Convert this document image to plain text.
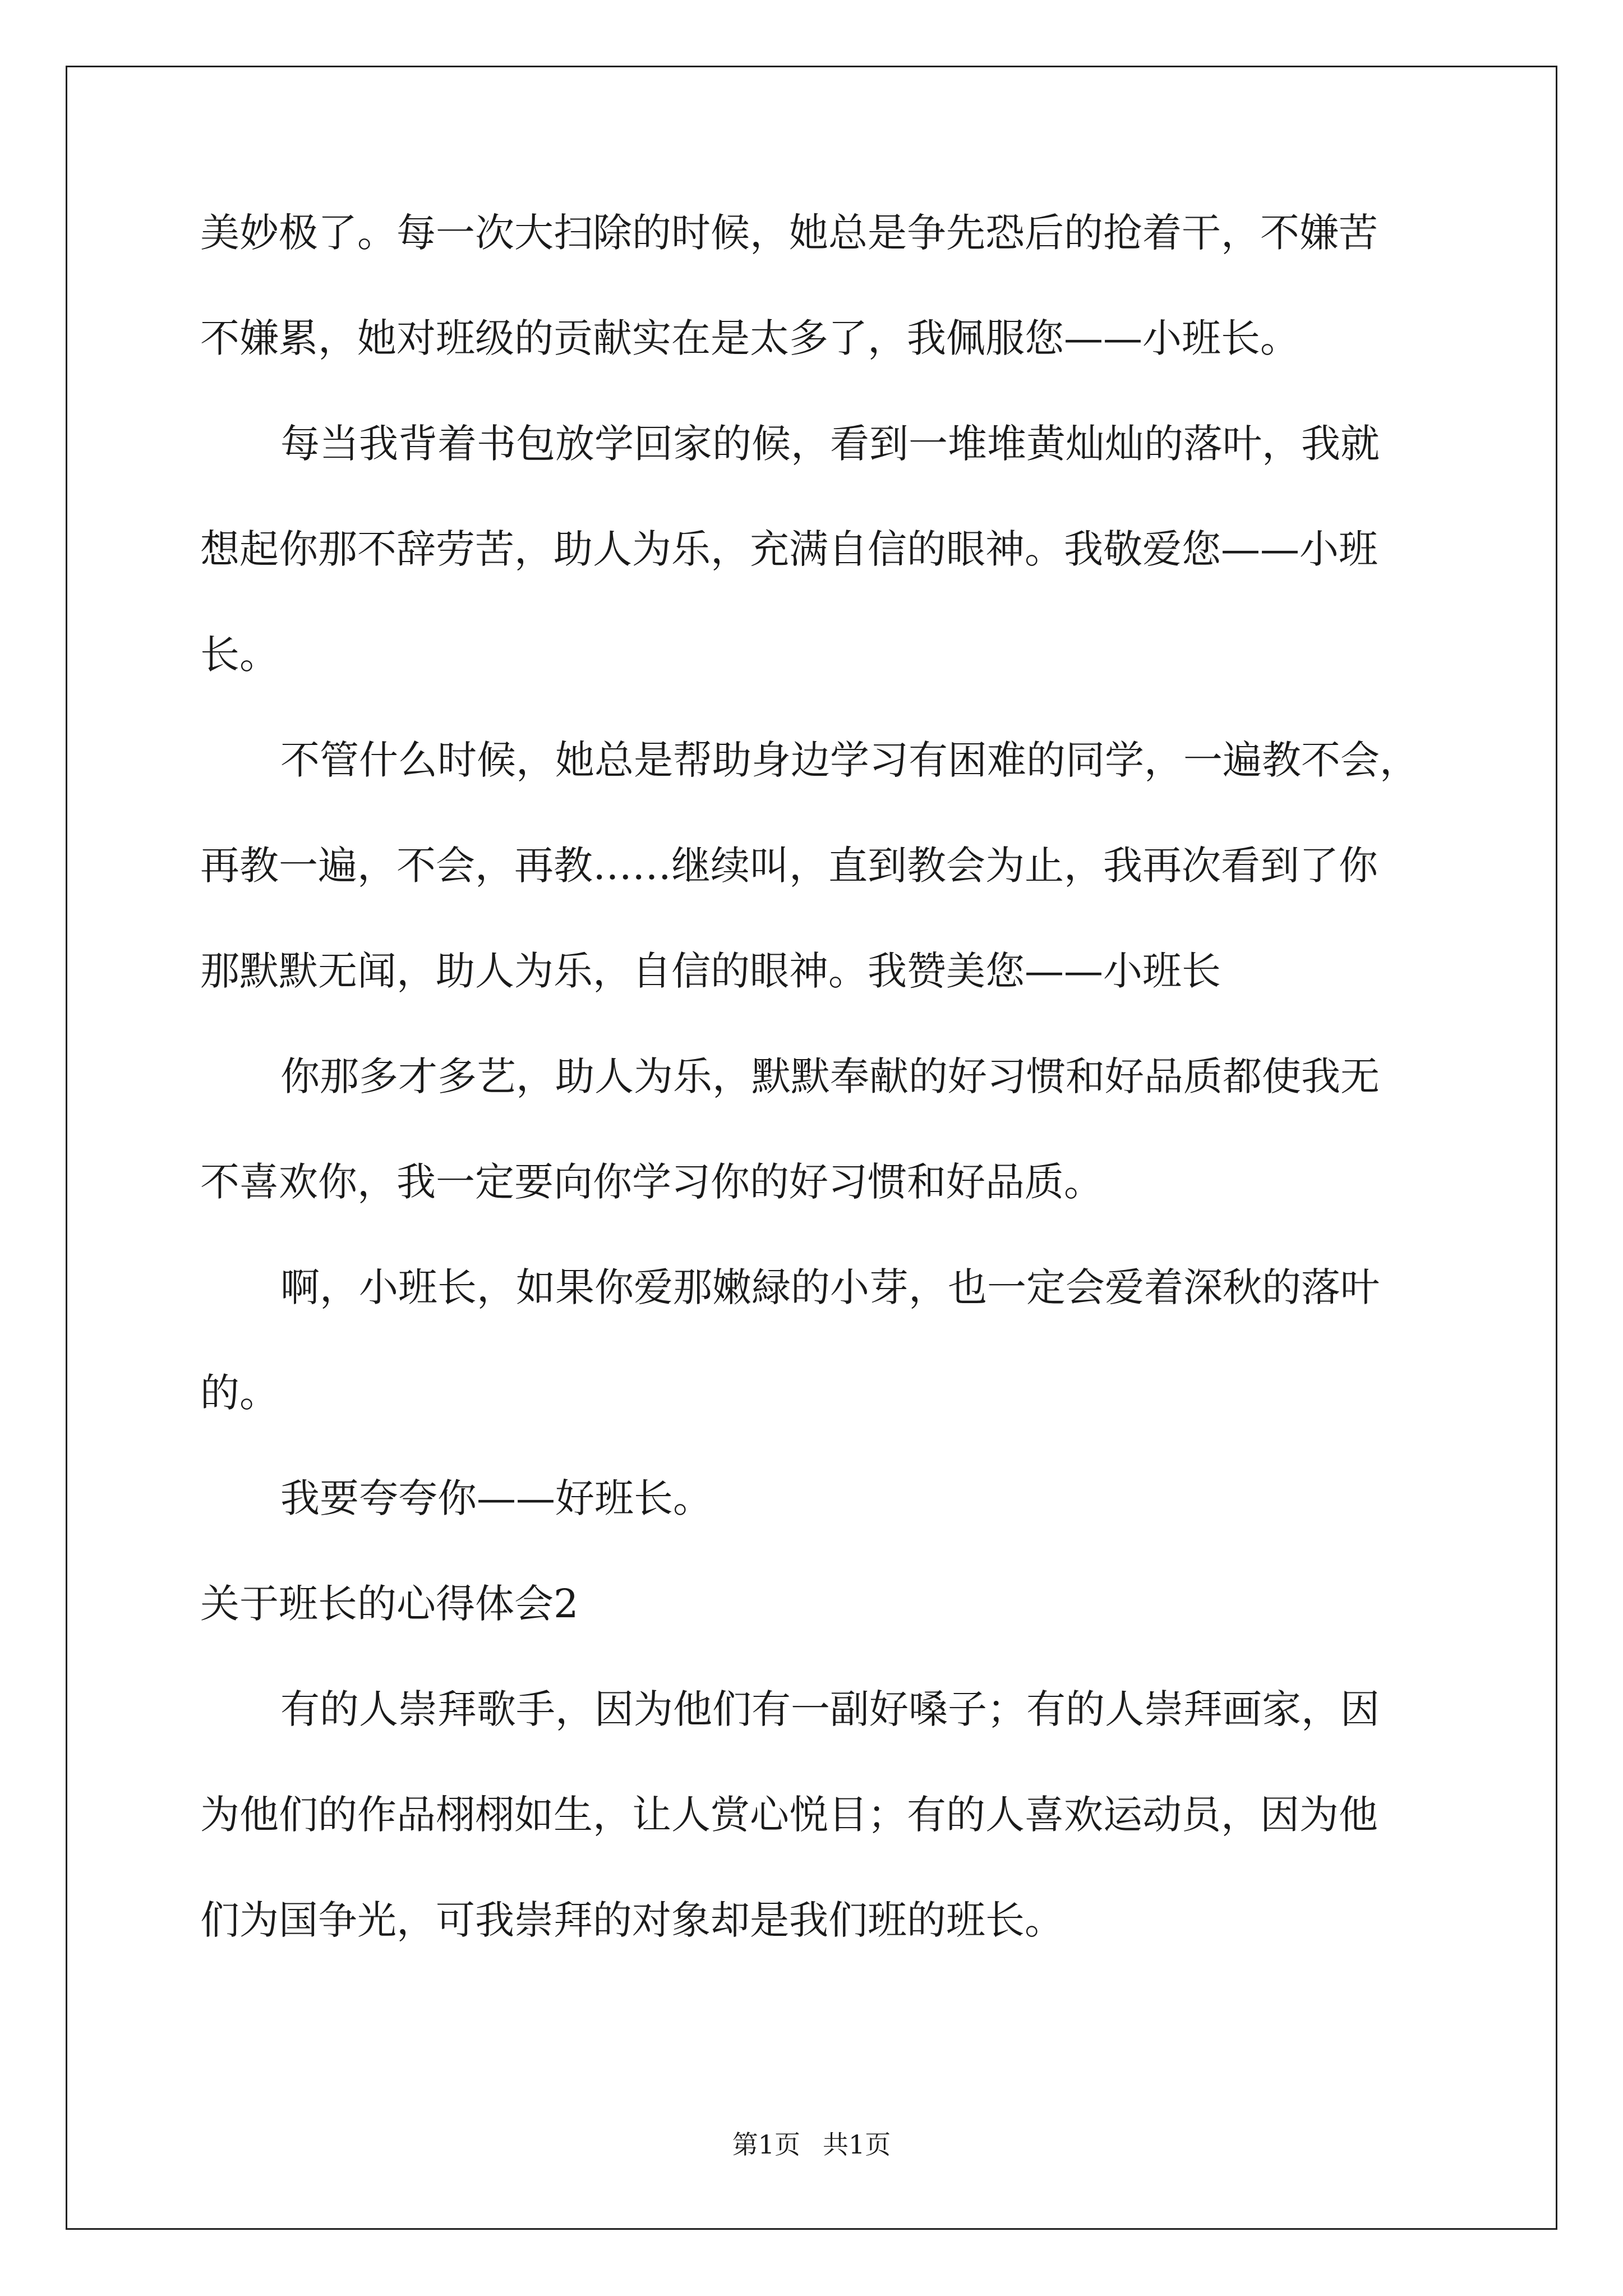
美妙极了。每一次大扫除的时候，她总是争先恐后的抢着干，不嫌苦

不嫌累，她对班级的贡献实在是太多了，我佩服您——小班长。

每当我背着书包放学回家的候，看到一堆堆黄灿灿的落叶，我就

想起你那不辞劳苦，助人为乐，充满自信的眼神。我敬爱您——小班

长。

不管什么时候，她总是帮助身边学习有困难的同学，一遍教不会，

再教一遍，不会，再教……继续叫，直到教会为止，我再次看到了你

那默默无闻，助人为乐，自信的眼神。我赞美您——小班长

你那多才多艺，助人为乐，默默奉献的好习惯和好品质都使我无

不喜欢你，我一定要向你学习你的好习惯和好品质。

啊，小班长，如果你爱那嫩緑的小芽，也一定会爱着深秋的落叶

的。

我要夸夸你——好班长。

关于班长的心得体会2

有的人崇拜歌手，因为他们有一副好嗓子；有的人崇拜画家，因

为他们的作品栩栩如生，让人赏心悦目；有的人喜欢运动员，因为他

们为国争光，可我崇拜的对象却是我们班的班长。

第1页 共1页
